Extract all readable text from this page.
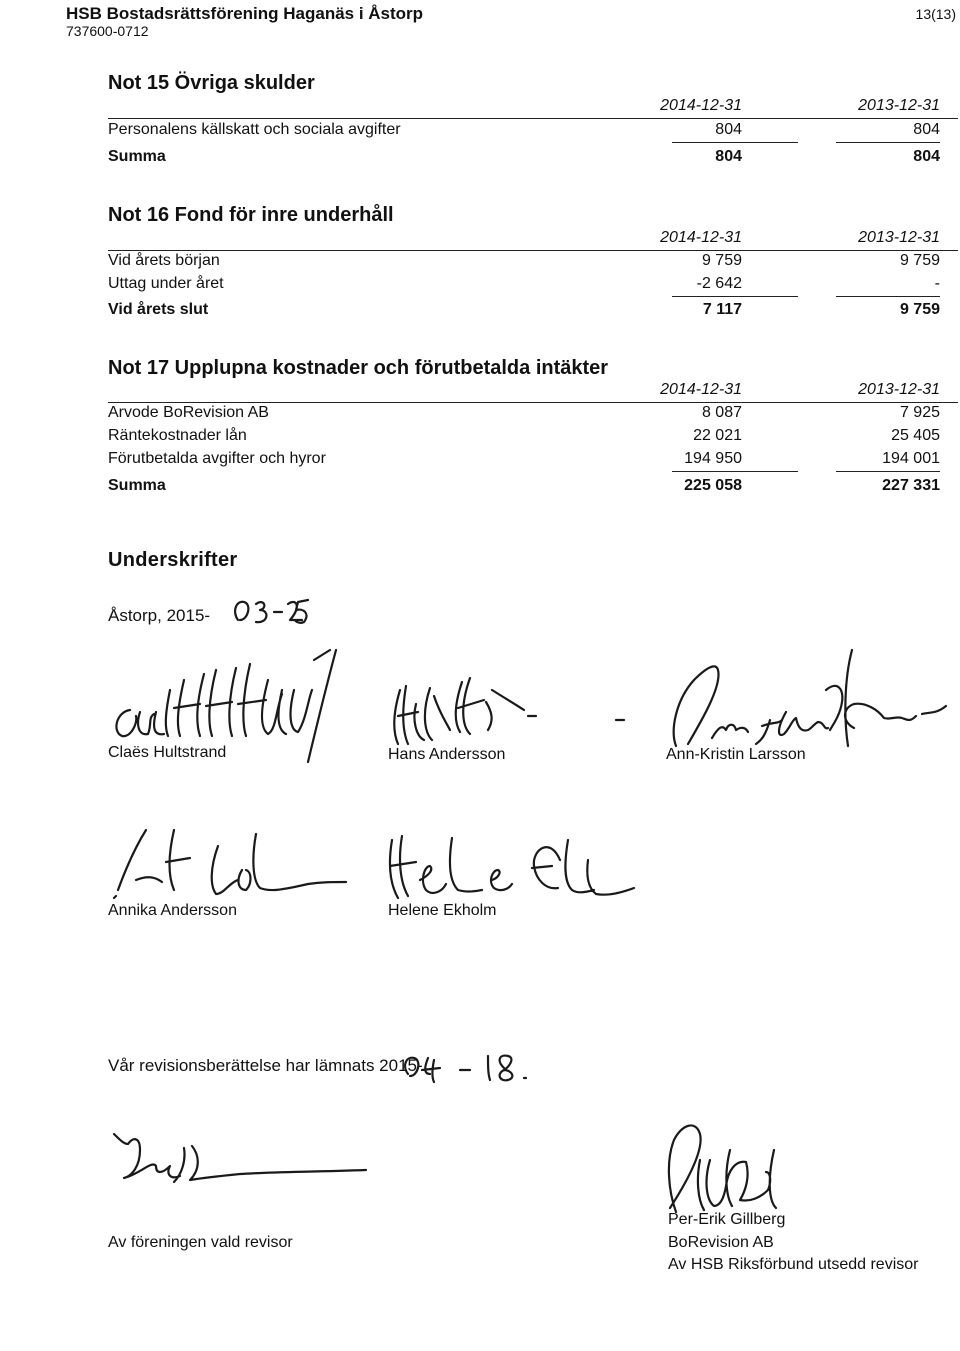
HSB Bostadsrättsförening Haganäs i Åstorp
737600-0712
13(13)
Not 15 Övriga skulder
2014-12-31	2013-12-31
Personalens källskatt och sociala avgifter	804	804
Summa	804	804
Not 16 Fond för inre underhåll
2014-12-31	2013-12-31
Vid årets början	9 759	9 759
Uttag under året	-2 642	-
Vid årets slut	7 117	9 759
Not 17 Upplupna kostnader och förutbetalda intäkter
2014-12-31	2013-12-31
Arvode BoRevision AB	8 087	7 925
Räntekostnader lån	22 021	25 405
Förutbetalda avgifter och hyror	194 950	194 001
Summa	225 058	227 331
Underskrifter
Åstorp, 2015-
Claës Hultstrand	Hans Andersson	Ann-Kristin Larsson
Annika Andersson	Helene Ekholm
Vår revisionsberättelse har lämnats 2015-
Av föreningen vald revisor
Per-Erik Gillberg
BoRevision AB
Av HSB Riksförbund utsedd revisor
